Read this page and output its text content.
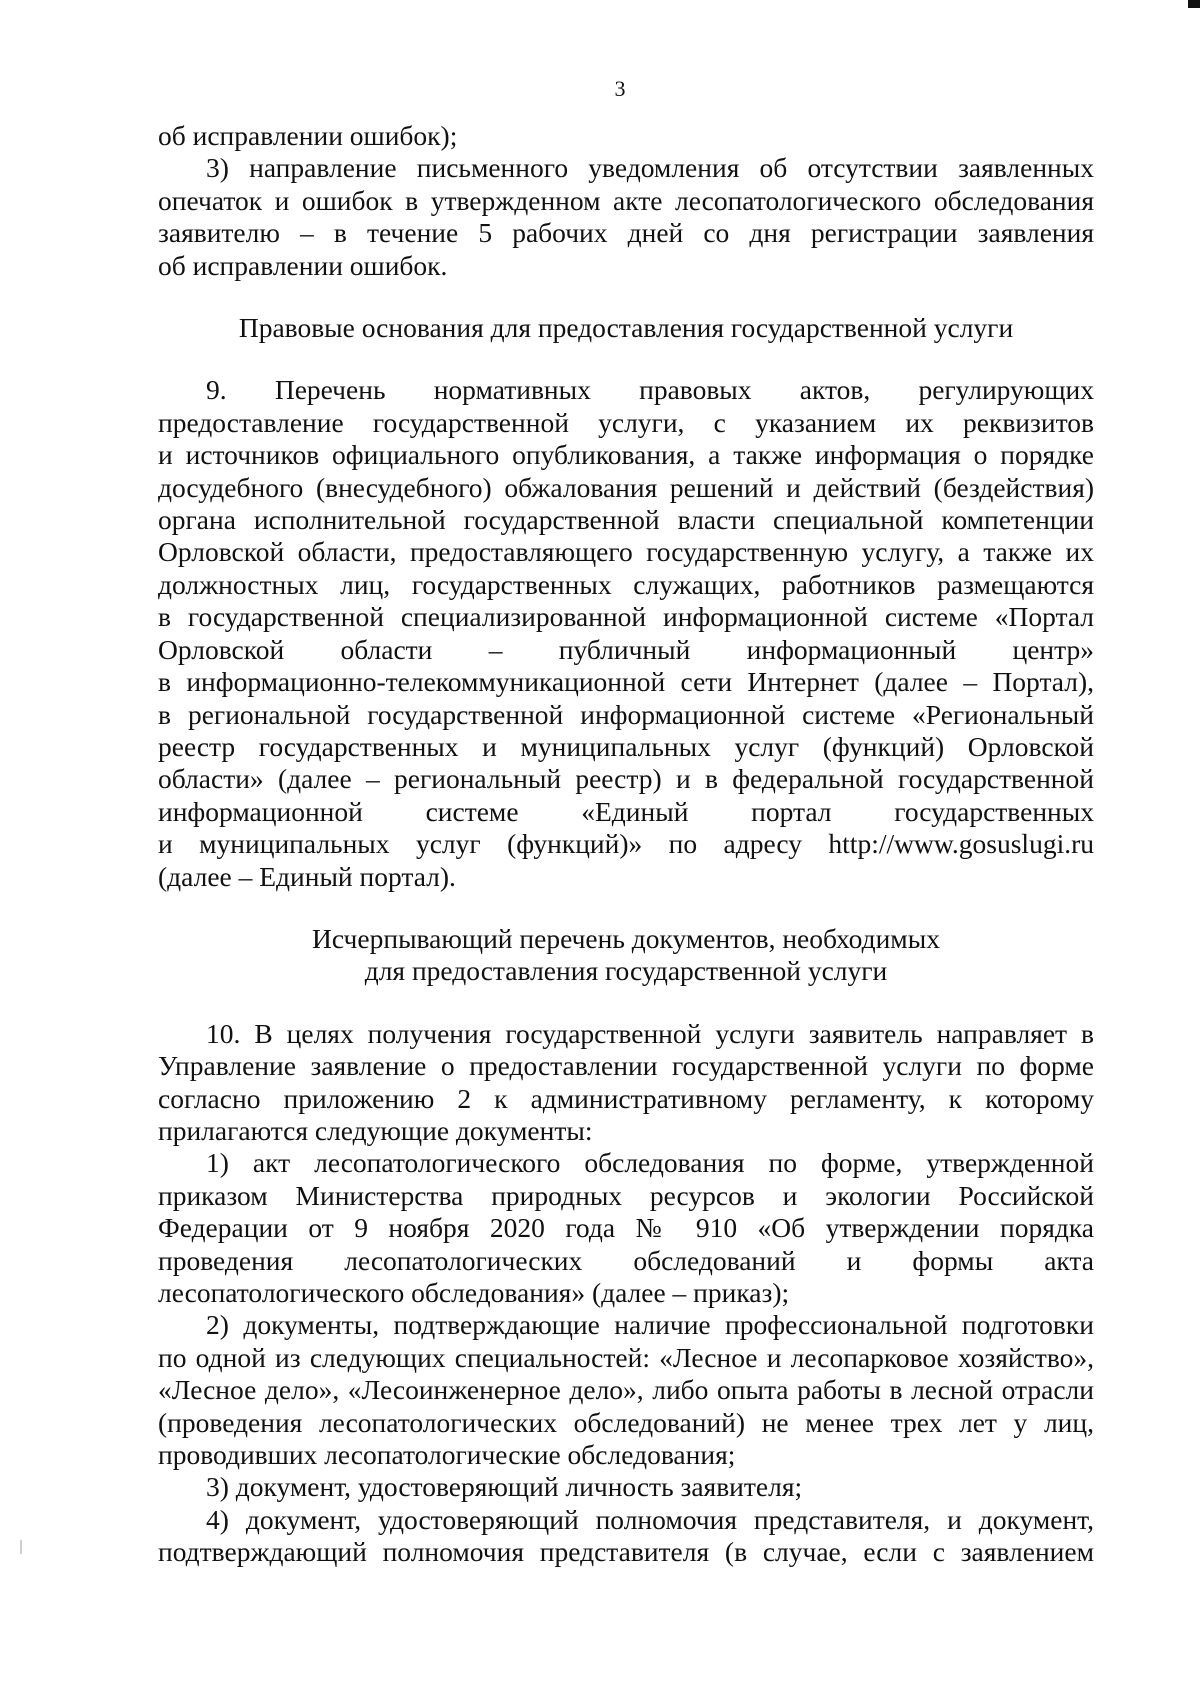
3
об исправлении ошибок);
3) направление письменного уведомления об отсутствии заявленных
опечаток и ошибок в утвержденном акте лесопатологического обследования
заявителю – в течение 5 рабочих дней со дня регистрации заявления
об исправлении ошибок.
Правовые основания для предоставления государственной услуги
9. Перечень нормативных правовых актов, регулирующих
предоставление государственной услуги, с указанием их реквизитов
и источников официального опубликования, а также информация о порядке
досудебного (внесудебного) обжалования решений и действий (бездействия)
органа исполнительной государственной власти специальной компетенции
Орловской области, предоставляющего государственную услугу, а также их
должностных лиц, государственных служащих, работников размещаются
в государственной специализированной информационной системе «Портал
Орловской области – публичный информационный центр»
в информационно-телекоммуникационной сети Интернет (далее – Портал),
в региональной государственной информационной системе «Региональный
реестр государственных и муниципальных услуг (функций) Орловской
области» (далее – региональный реестр) и в федеральной государственной
информационной системе «Единый портал государственных
и муниципальных услуг (функций)» по адресу http://www.gosuslugi.ru
(далее – Единый портал).
Исчерпывающий перечень документов, необходимых
для предоставления государственной услуги
10. В целях получения государственной услуги заявитель направляет в
Управление заявление о предоставлении государственной услуги по форме
согласно приложению 2 к административному регламенту, к которому
прилагаются следующие документы:
1) акт лесопатологического обследования по форме, утвержденной
приказом Министерства природных ресурсов и экологии Российской
Федерации от 9 ноября 2020 года № 910 «Об утверждении порядка
проведения лесопатологических обследований и формы акта
лесопатологического обследования» (далее – приказ);
2) документы, подтверждающие наличие профессиональной подготовки
по одной из следующих специальностей: «Лесное и лесопарковое хозяйство»,
«Лесное дело», «Лесоинженерное дело», либо опыта работы в лесной отрасли
(проведения лесопатологических обследований) не менее трех лет у лиц,
проводивших лесопатологические обследования;
3) документ, удостоверяющий личность заявителя;
4) документ, удостоверяющий полномочия представителя, и документ,
подтверждающий полномочия представителя (в случае, если с заявлением
